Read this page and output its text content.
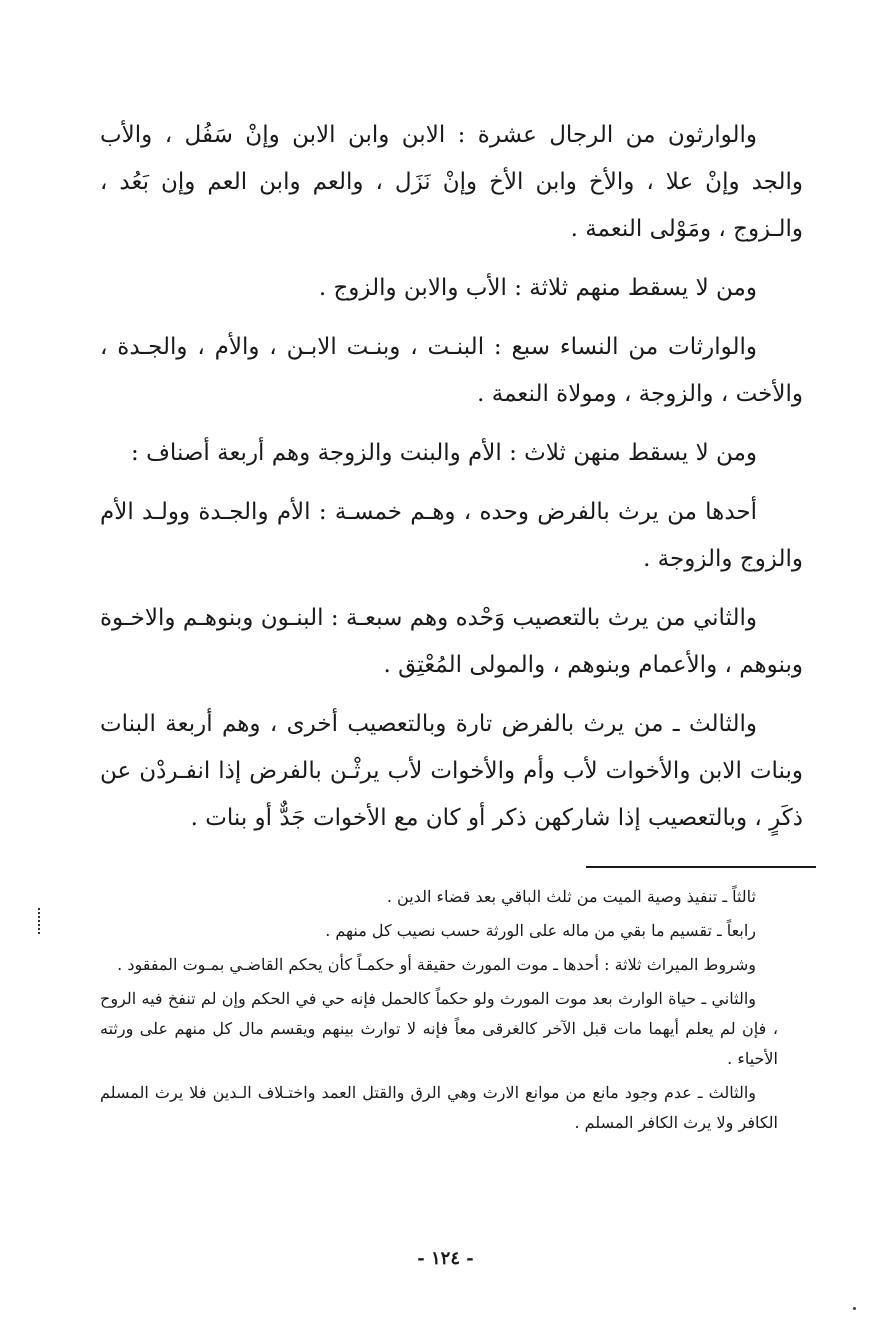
والوارثون من الرجال عشرة : الابن وابن الابن وإنْ سَفُل ، والأب والجد وإنْ علا ، والأخ وابن الأخ وإنْ نَزَل ، والعم وابن العم وإن بَعُد ، والـزوج ، ومَوْلى النعمة .

ومن لا يسقط منهم ثلاثة : الأب والابن والزوج .

والوارثات من النساء سبع : البنـت ، وبنـت الابـن ، والأم ، والجـدة ، والأخت ، والزوجة ، ومولاة النعمة .

ومن لا يسقط منهن ثلاث : الأم والبنت والزوجة وهم أربعة أصناف :

أحدها من يرث بالفرض وحده ، وهـم خمسـة : الأم والجـدة وولـد الأم والزوج والزوجة .

والثاني من يرث بالتعصيب وَحْده وهم سبعـة : البنـون وبنوهـم والاخـوة وبنوهم ، والأعمام وبنوهم ، والمولى المُعْتِق .

والثالث ـ من يرث بالفرض تارة وبالتعصيب أخرى ، وهم أربعة البنات وبنات الابن والأخوات لأب وأم والأخوات لأب يرثْـن بالفرض إذا انفـردْن عن ذكَرٍ ، وبالتعصيب إذا شاركهن ذكر أو كان مع الأخوات جَدٌّ أو بنات .

ثالثاً ـ تنفيذ وصية الميت من ثلث الباقي بعد قضاء الدين .

رابعاً ـ تقسيم ما بقي من ماله على الورثة حسب نصيب كل منهم .

وشروط الميراث ثلاثة : أحدها ـ موت المورث حقيقة أو حكمـاً كأن يحكم القاضـي بمـوت المفقود .

والثاني ـ حياة الوارث بعد موت المورث ولو حكماً كالحمل فإنه حي في الحكم وإن لم تنفخ فيه الروح ، فإن لم يعلم أيهما مات قبل الآخر كالغرقى معاً فإنه لا توارث بينهم ويقسم مال كل منهم على ورثته الأحياء .

والثالث ـ عدم وجود مانع من موانع الارث وهي الرق والقتل العمد واختـلاف الـدين فلا يرث المسلم الكافر ولا يرث الكافر المسلم .

- ١٢٤ -
